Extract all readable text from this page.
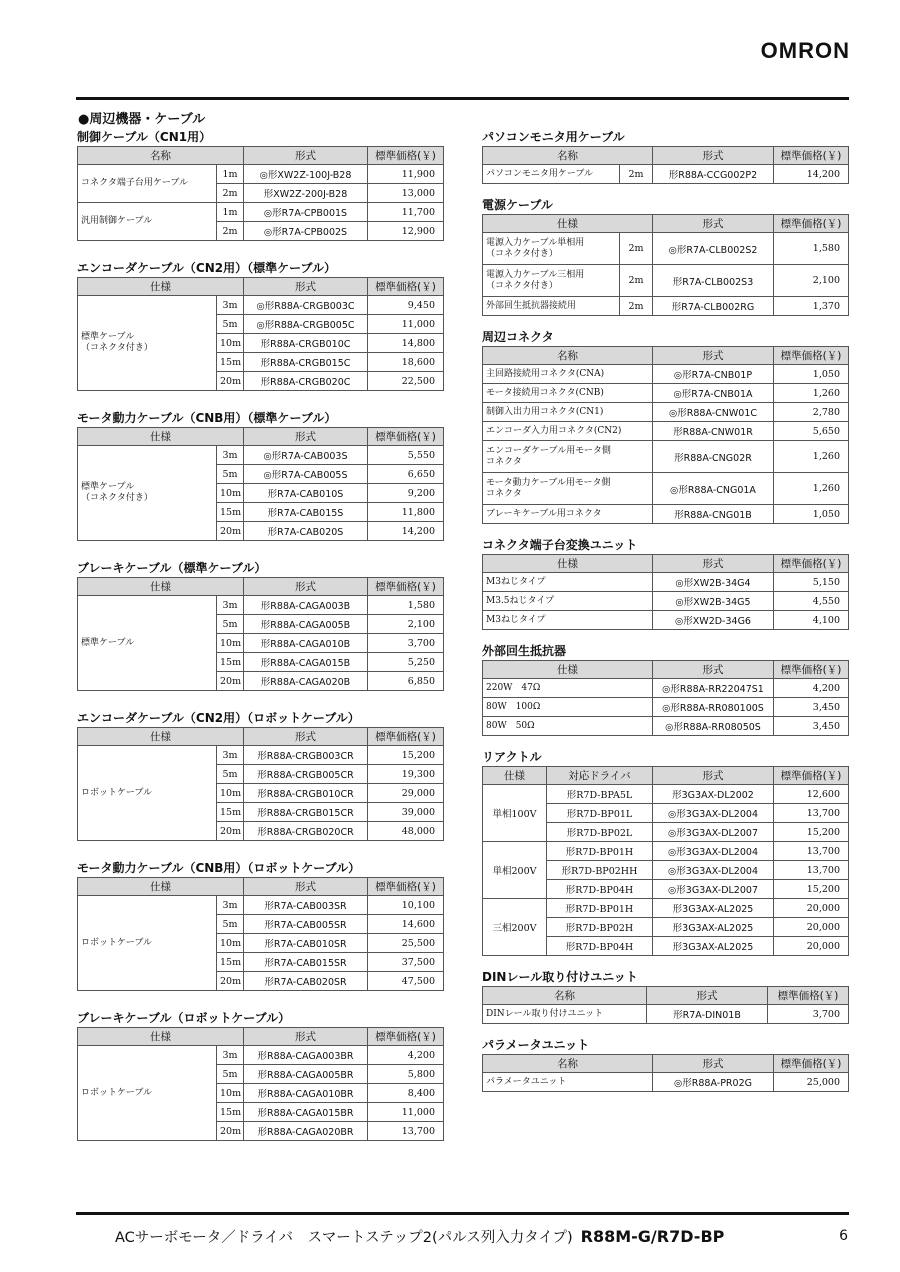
OMRON
●周辺機器・ケーブル
制御ケーブル（CN1用）
名称		形式	標準価格(￥)
コネクタ端子台用ケーブル	1m	◎形XW2Z-100J-B28	11,900
	2m	形XW2Z-200J-B28	13,000
汎用制御ケーブル	1m	◎形R7A-CPB001S	11,700
	2m	◎形R7A-CPB002S	12,900
エンコーダケーブル（CN2用）（標準ケーブル）
仕様		形式	標準価格(￥)
標準ケーブル
（コネクタ付き）	3m	◎形R88A-CRGB003C	9,450
	5m	◎形R88A-CRGB005C	11,000
	10m	形R88A-CRGB010C	14,800
	15m	形R88A-CRGB015C	18,600
	20m	形R88A-CRGB020C	22,500
モータ動力ケーブル（CNB用）（標準ケーブル）
仕様		形式	標準価格(￥)
標準ケーブル
（コネクタ付き）	3m	◎形R7A-CAB003S	5,550
	5m	◎形R7A-CAB005S	6,650
	10m	形R7A-CAB010S	9,200
	15m	形R7A-CAB015S	11,800
	20m	形R7A-CAB020S	14,200
ブレーキケーブル（標準ケーブル）
仕様		形式	標準価格(￥)
標準ケーブル	3m	形R88A-CAGA003B	1,580
	5m	形R88A-CAGA005B	2,100
	10m	形R88A-CAGA010B	3,700
	15m	形R88A-CAGA015B	5,250
	20m	形R88A-CAGA020B	6,850
エンコーダケーブル（CN2用）（ロボットケーブル）
仕様		形式	標準価格(￥)
ロボットケーブル	3m	形R88A-CRGB003CR	15,200
	5m	形R88A-CRGB005CR	19,300
	10m	形R88A-CRGB010CR	29,000
	15m	形R88A-CRGB015CR	39,000
	20m	形R88A-CRGB020CR	48,000
モータ動力ケーブル（CNB用）（ロボットケーブル）
仕様		形式	標準価格(￥)
ロボットケーブル	3m	形R7A-CAB003SR	10,100
	5m	形R7A-CAB005SR	14,600
	10m	形R7A-CAB010SR	25,500
	15m	形R7A-CAB015SR	37,500
	20m	形R7A-CAB020SR	47,500
ブレーキケーブル（ロボットケーブル）
仕様		形式	標準価格(￥)
ロボットケーブル	3m	形R88A-CAGA003BR	4,200
	5m	形R88A-CAGA005BR	5,800
	10m	形R88A-CAGA010BR	8,400
	15m	形R88A-CAGA015BR	11,000
	20m	形R88A-CAGA020BR	13,700
パソコンモニタ用ケーブル
名称		形式	標準価格(￥)
パソコンモニタ用ケーブル	2m	形R88A-CCG002P2	14,200
電源ケーブル
仕様		形式	標準価格(￥)
電源入力ケーブル単相用
（コネクタ付き）	2m	◎形R7A-CLB002S2	1,580
電源入力ケーブル三相用
（コネクタ付き）	2m	形R7A-CLB002S3	2,100
外部回生抵抗器接続用	2m	形R7A-CLB002RG	1,370
周辺コネクタ
名称	形式	標準価格(￥)
主回路接続用コネクタ(CNA)	◎形R7A-CNB01P	1,050
モータ接続用コネクタ(CNB)	◎形R7A-CNB01A	1,260
制御入出力用コネクタ(CN1)	◎形R88A-CNW01C	2,780
エンコーダ入力用コネクタ(CN2)	形R88A-CNW01R	5,650
エンコーダケーブル用モータ側
コネクタ	形R88A-CNG02R	1,260
モータ動力ケーブル用モータ側
コネクタ	◎形R88A-CNG01A	1,260
ブレーキケーブル用コネクタ	形R88A-CNG01B	1,050
コネクタ端子台変換ユニット
仕様	形式	標準価格(￥)
M3ねじタイプ	◎形XW2B-34G4	5,150
M3.5ねじタイプ	◎形XW2B-34G5	4,550
M3ねじタイプ	◎形XW2D-34G6	4,100
外部回生抵抗器
仕様	形式	標準価格(￥)
220W　47Ω	◎形R88A-RR22047S1	4,200
80W　100Ω	◎形R88A-RR080100S	3,450
80W　50Ω	◎形R88A-RR08050S	3,450
リアクトル
仕様	対応ドライバ	形式	標準価格(￥)
単相100V	形R7D-BPA5L	形3G3AX-DL2002	12,600
	形R7D-BP01L	◎形3G3AX-DL2004	13,700
	形R7D-BP02L	◎形3G3AX-DL2007	15,200
単相200V	形R7D-BP01H	◎形3G3AX-DL2004	13,700
	形R7D-BP02HH	◎形3G3AX-DL2004	13,700
	形R7D-BP04H	◎形3G3AX-DL2007	15,200
三相200V	形R7D-BP01H	形3G3AX-AL2025	20,000
	形R7D-BP02H	形3G3AX-AL2025	20,000
	形R7D-BP04H	形3G3AX-AL2025	20,000
DINレール取り付けユニット
名称	形式	標準価格(￥)
DINレール取り付けユニット	形R7A-DIN01B	3,700
パラメータユニット
名称	形式	標準価格(￥)
パラメータユニット	◎形R88A-PR02G	25,000
ACサーボモータ／ドライバ　スマートステップ2(パルス列入力タイプ) R88M-G/R7D-BP	6
